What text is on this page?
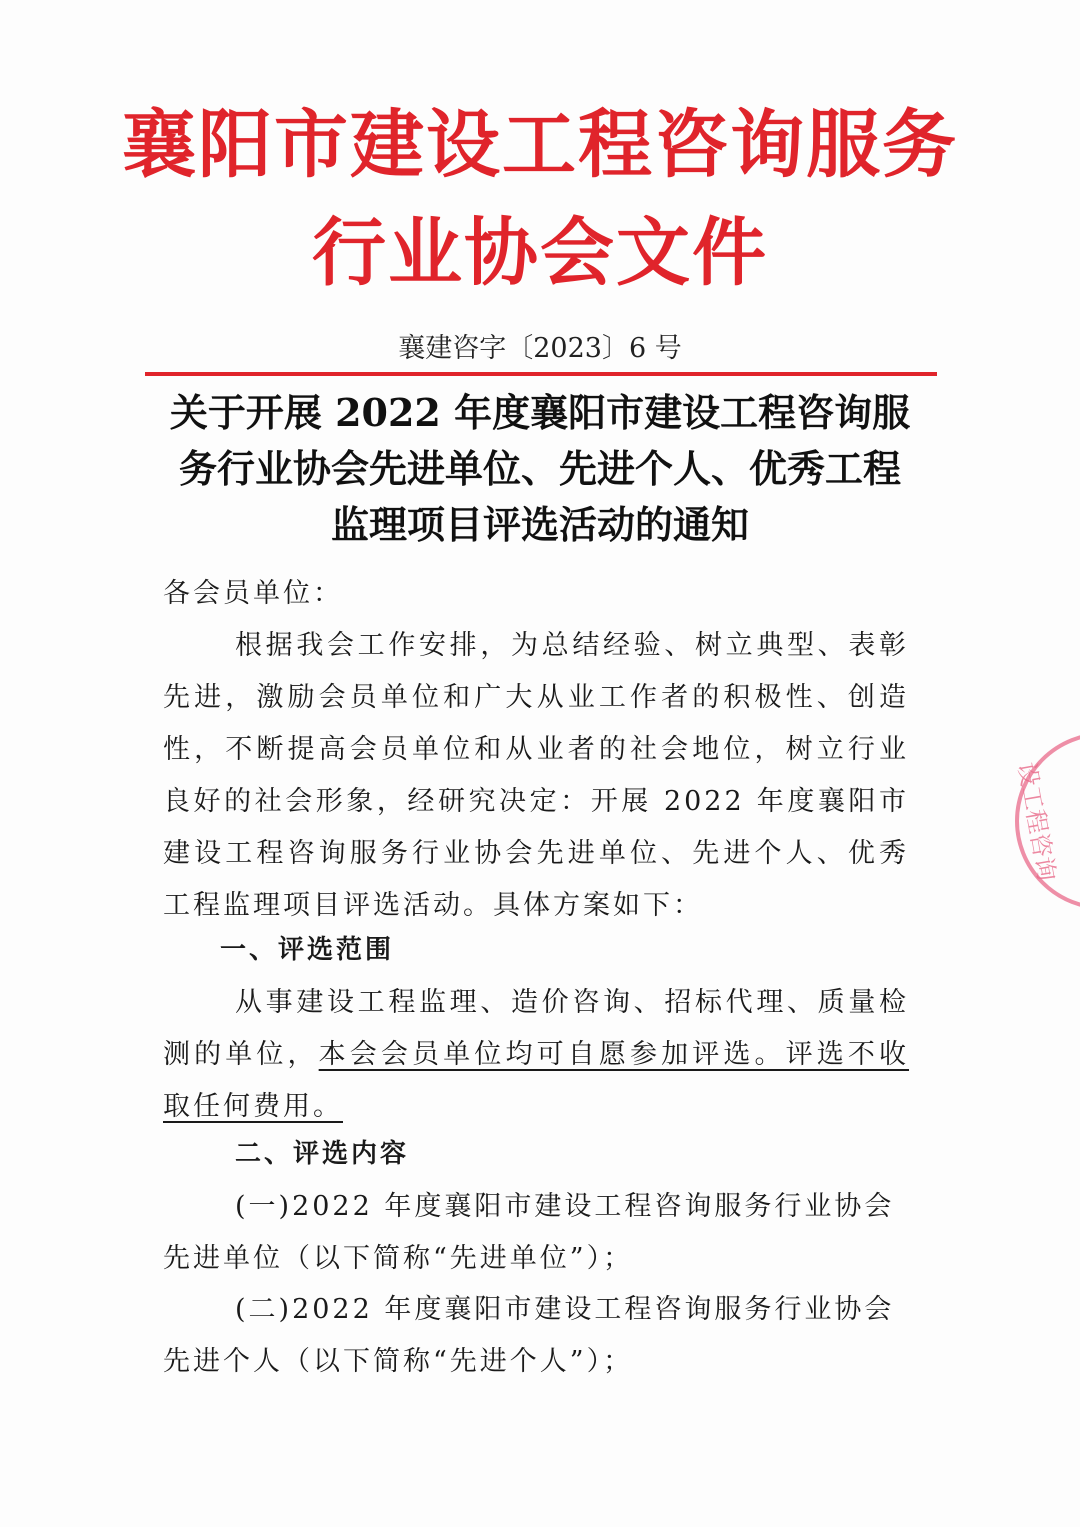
襄阳市建设工程咨询服务
行业协会文件
襄建咨字〔2023〕6 号
关于开展 2022 年度襄阳市建设工程咨询服
务行业协会先进单位、先进个人、优秀工程
监理项目评选活动的通知
各会员单位：
根据我会工作安排，为总结经验、树立典型、表彰先进，激励会员单位和广大从业工作者的积极性、创造性，不断提高会员单位和从业者的社会地位，树立行业良好的社会形象，经研究决定：开展 2022 年度襄阳市建设工程咨询服务行业协会先进单位、先进个人、优秀工程监理项目评选活动。具体方案如下：
一、评选范围
从事建设工程监理、造价咨询、招标代理、质量检测的单位，本会会员单位均可自愿参加评选。评选不收取任何费用。
二、评选内容
(一)2022 年度襄阳市建设工程咨询服务行业协会先进单位（以下简称“先进单位”）；
(二)2022 年度襄阳市建设工程咨询服务行业协会先进个人（以下简称“先进个人”）；
设工程咨询
